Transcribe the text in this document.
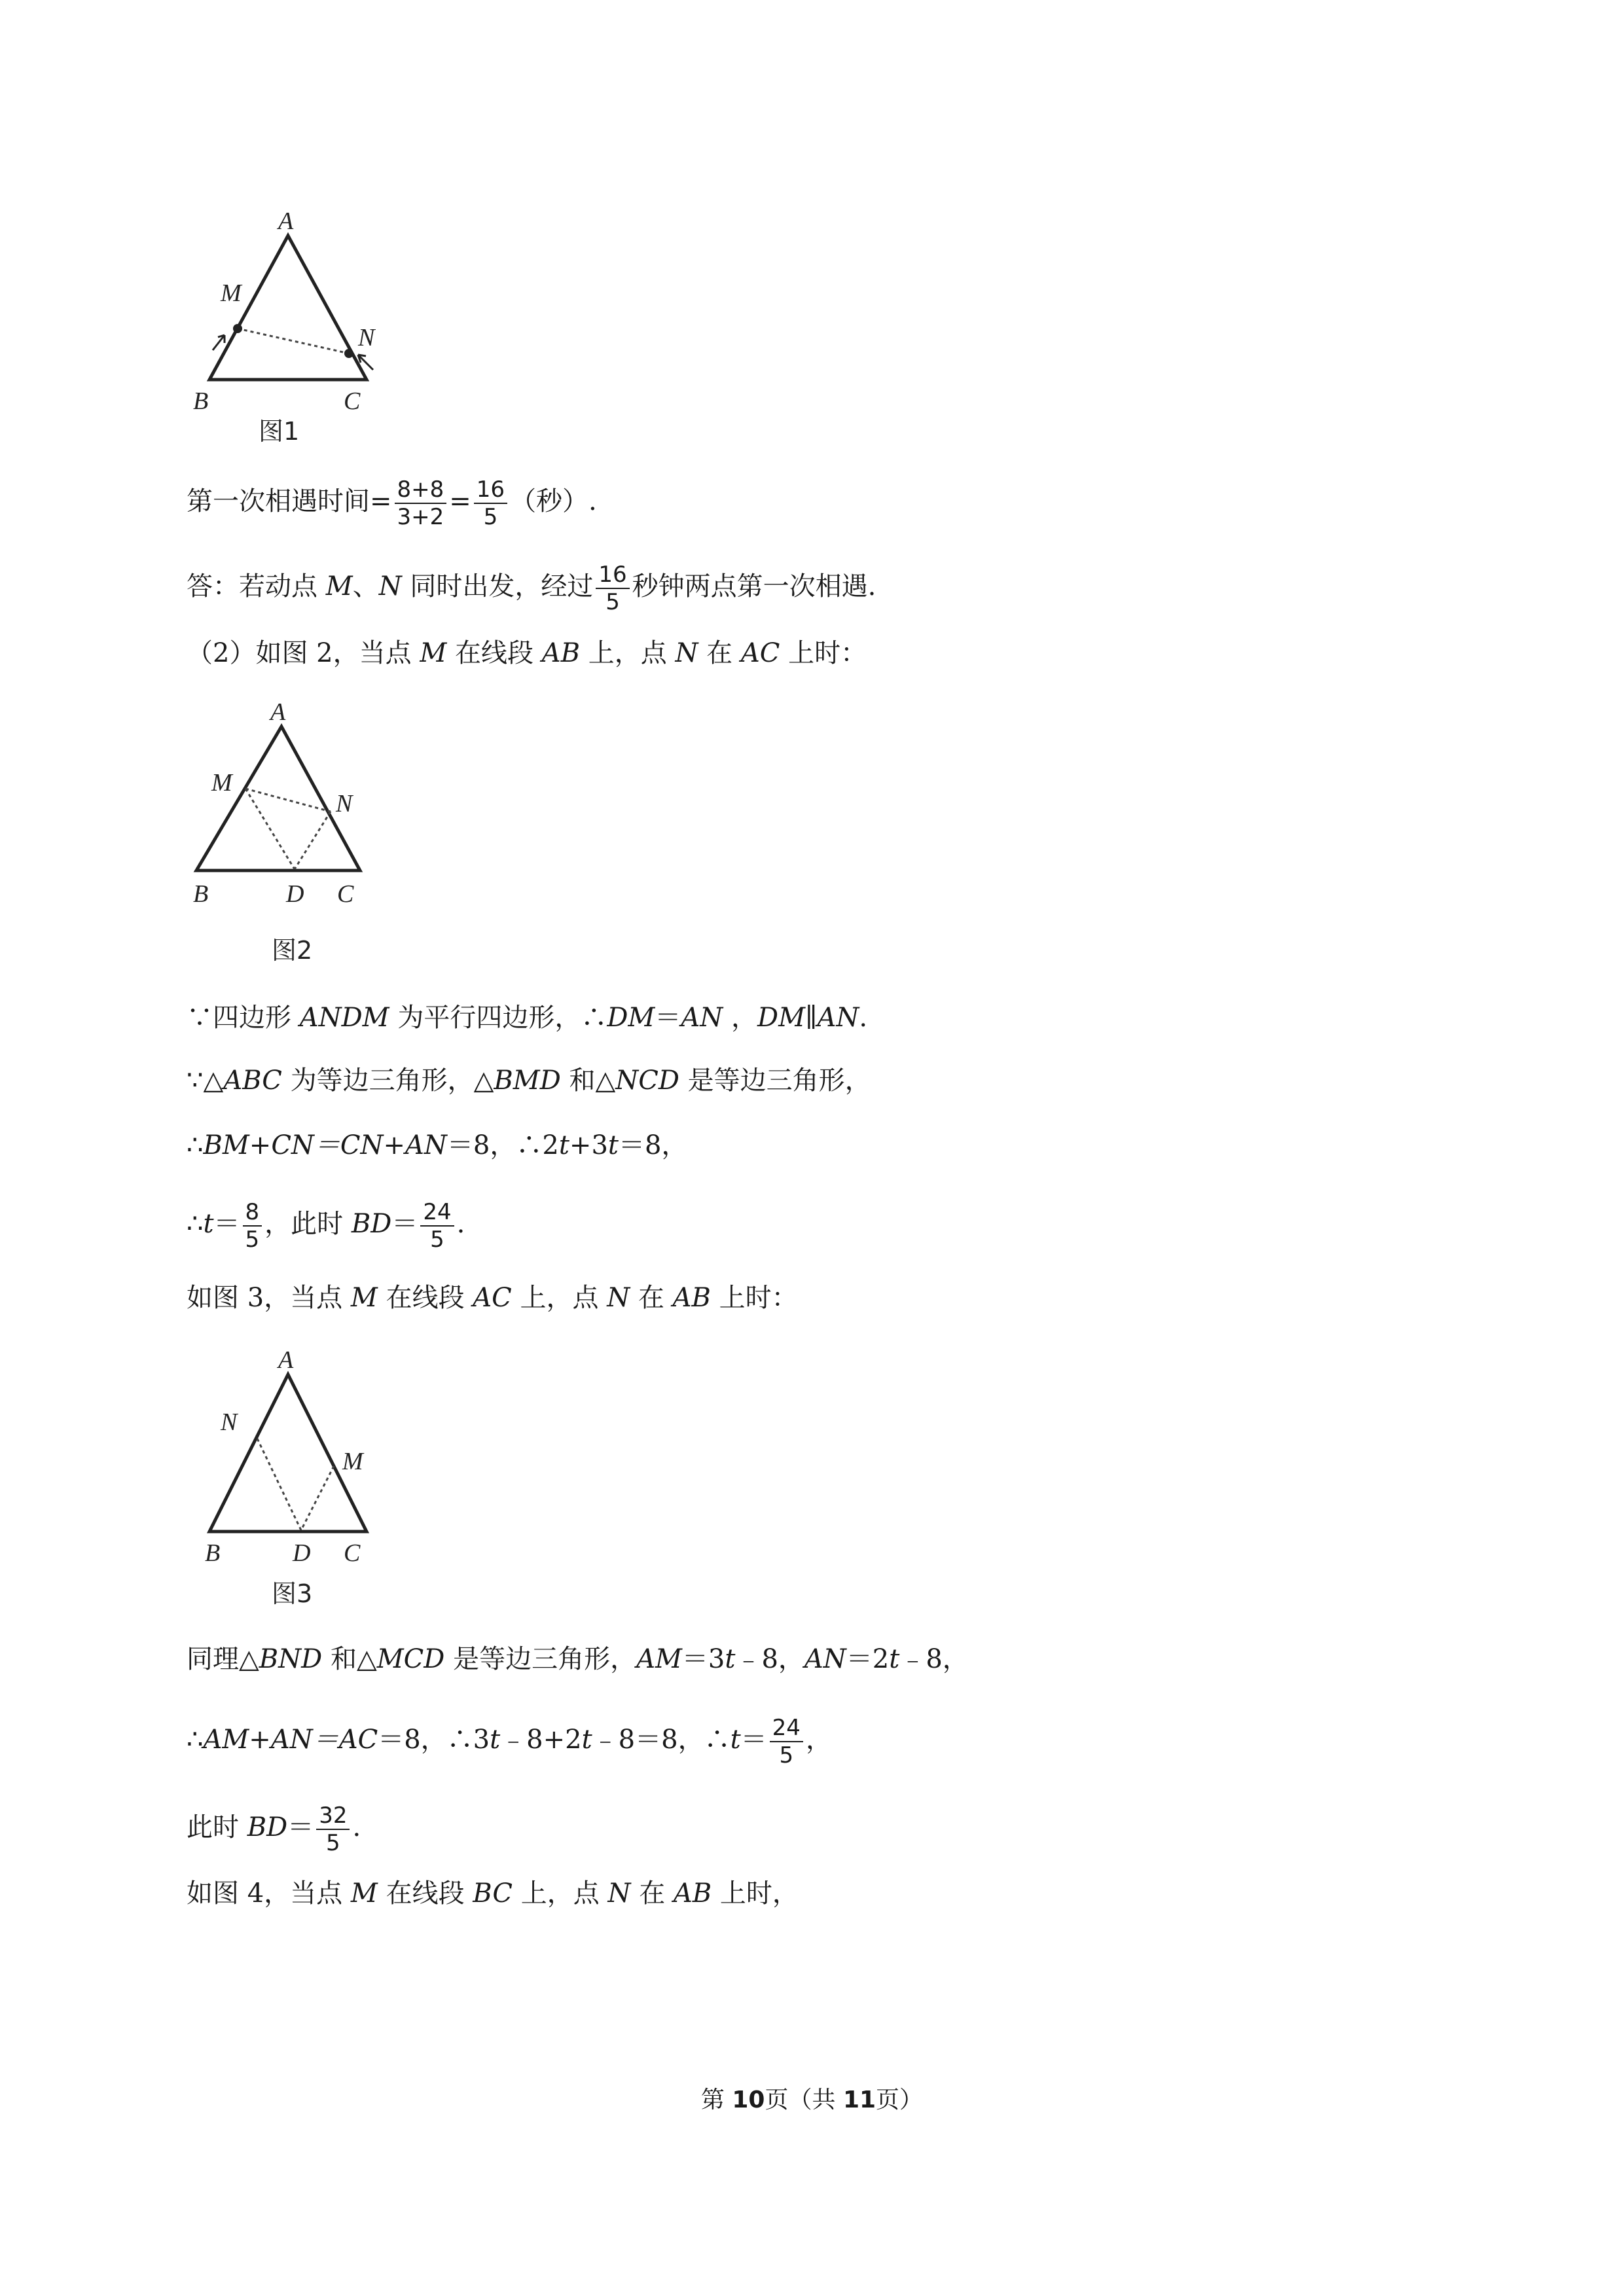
A
B	C
M
N
图1
第一次相遇时间= $\frac{8+8}{3+2} = \frac{16}{5}$ （秒）.
答：若动点 M、N 同时出发，经过 $\frac{16}{5}$ 秒钟两点第一次相遇.
（2）如图 2，当点 M 在线段 AB 上，点 N 在 AC 上时：
A
B	C
D
M
N
图2
∵四边形 ANDM 为平行四边形，∴DM＝AN ，DM∥AN.
∵△ABC 为等边三角形，△BMD 和△NCD 是等边三角形，
∴BM+CN＝CN+AN＝8，∴2t+3t＝8，
∴t＝ $\frac{8}{5}$ ，此时 $BD= \frac{24}{5}$ .
如图 3，当点 M 在线段 AC 上，点 N 在 AB 上时：
A
B	C
D
N
M
图3
同理△BND 和△MCD 是等边三角形，AM＝3t﹣8，AN＝2t﹣8，
∴AM+AN＝AC＝8，∴3t﹣8+2t﹣8＝8，∴t＝ $\frac{24}{5}$ ，
此时 $BD= \frac{32}{5}$ .
如图 4，当点 M 在线段 BC 上，点 N 在 AB 上时，
第 10页（共 11页）
